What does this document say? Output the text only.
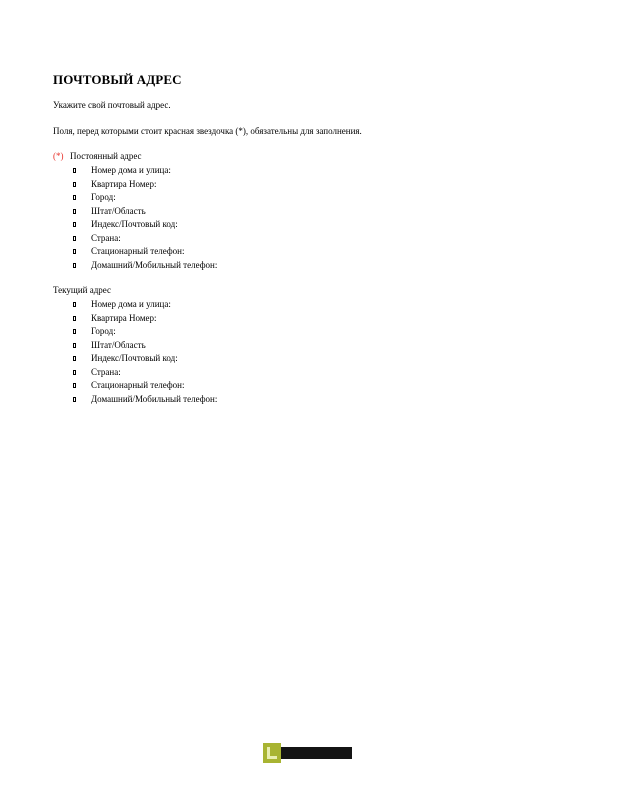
ПОЧТОВЫЙ АДРЕС
Укажите свой почтовый адрес.
Поля, перед которыми стоит красная звездочка (*), обязательны для заполнения.
(*) Постоянный адрес
Номер дома и улица:
Квартира Номер:
Город:
Штат/Область
Индекс/Почтовый код:
Страна:
Стационарный телефон:
Домашний/Мобильный телефон:
Текущий адрес
Номер дома и улица:
Квартира Номер:
Город:
Штат/Область
Индекс/Почтовый код:
Страна:
Стационарный телефон:
Домашний/Мобильный телефон:
